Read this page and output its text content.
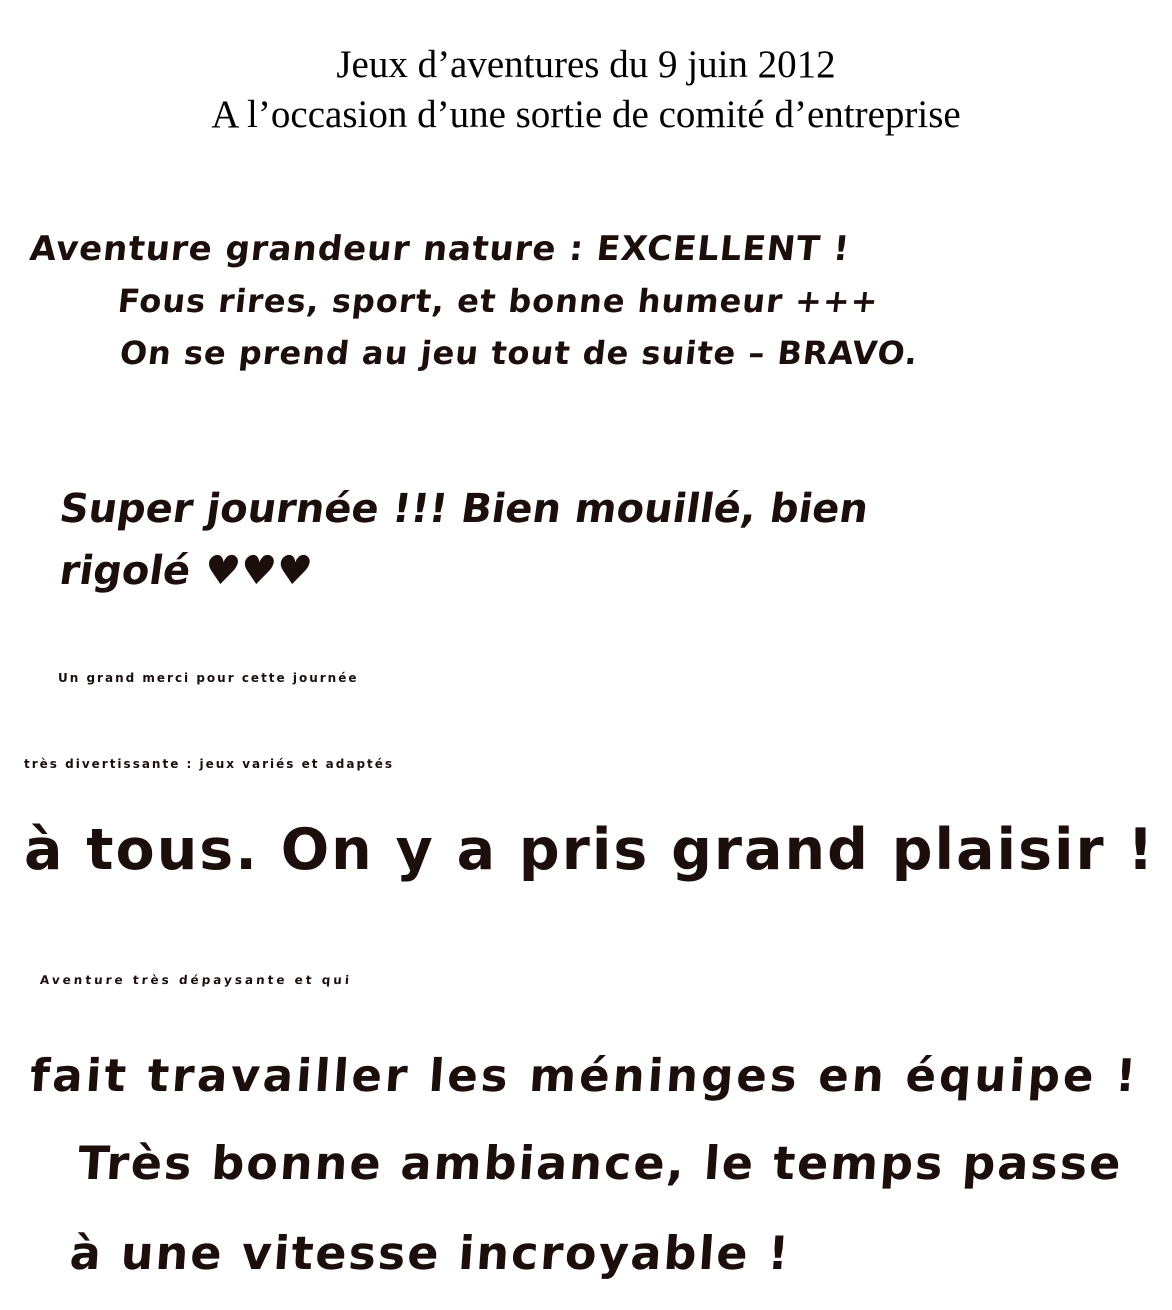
Jeux d’aventures du 9 juin 2012
A l’occasion d’une sortie de comité d’entreprise
Aventure grandeur nature : EXCELLENT !
Fous rires, sport, et bonne humeur +++
On se prend au jeu tout de suite – BRAVO.
Super journée !!! Bien mouillé, bien
rigolé ♥♥♥
Un grand merci pour cette journée
très divertissante : jeux variés et adaptés
à tous. On y a pris grand plaisir !
Aventure très dépaysante et qui
fait travailler les méninges en équipe !
Très bonne ambiance, le temps passe
à une vitesse incroyable !
